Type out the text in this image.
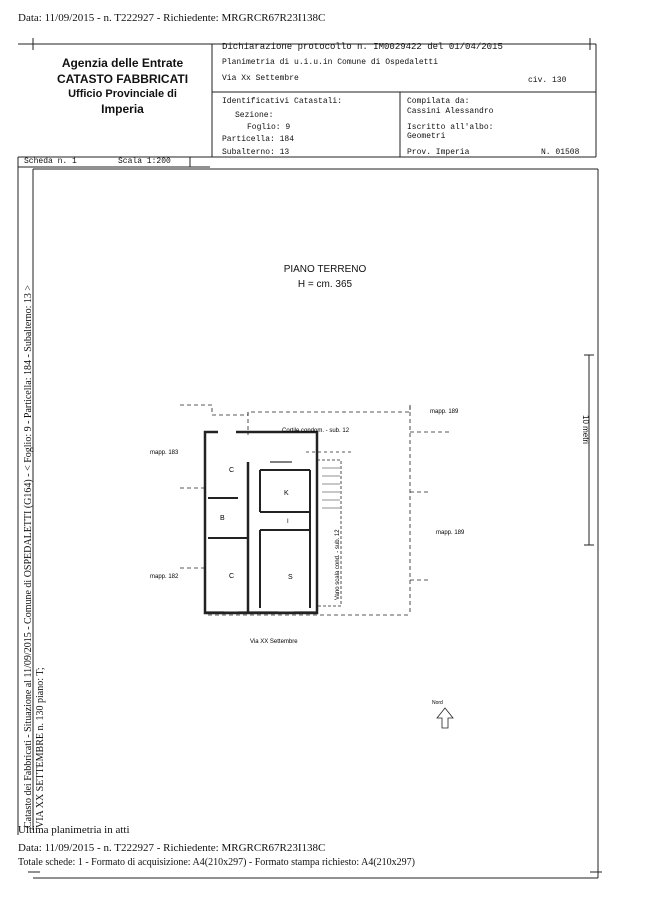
Data: 11/09/2015 - n. T222927 - Richiedente: MRGRCR67R23I138C
Agenzia delle Entrate
CATASTO FABBRICATI
Ufficio Provinciale di
Imperia
Dichiarazione protocollo n. IM0029422 del 01/04/2015
Planimetria di u.i.u.in Comune di Ospedaletti
Via Xx Settembre	civ. 130
Identificativi Catastali:
Sezione:
Foglio: 9
Particella: 184
Subalterno: 13
Compilata da:
Cassini Alessandro
Iscritto all'albo:
Geometri
Prov. Imperia	N. 01508
Scheda n. 1	Scala 1:200
PIANO TERRENO
H = cm. 365
10 metri
C
B
C
K
S
I
Cortile condom. - sub. 12
mapp. 189
mapp. 183
mapp. 189
mapp. 182
Via XX Settembre
Nord
Vano scala cond. - sub. 12
Catasto dei Fabbricati - Situazione al 11/09/2015 - Comune di OSPEDALETTI (G164) - < Foglio: 9 - Particella: 184 - Subalterno: 13 > VIA XX SETTEMBRE n. 130 piano: T;
Ultima planimetria in atti
Data: 11/09/2015 - n. T222927 - Richiedente: MRGRCR67R23I138C
Totale schede: 1 - Formato di acquisizione: A4(210x297) - Formato stampa richiesto: A4(210x297)
